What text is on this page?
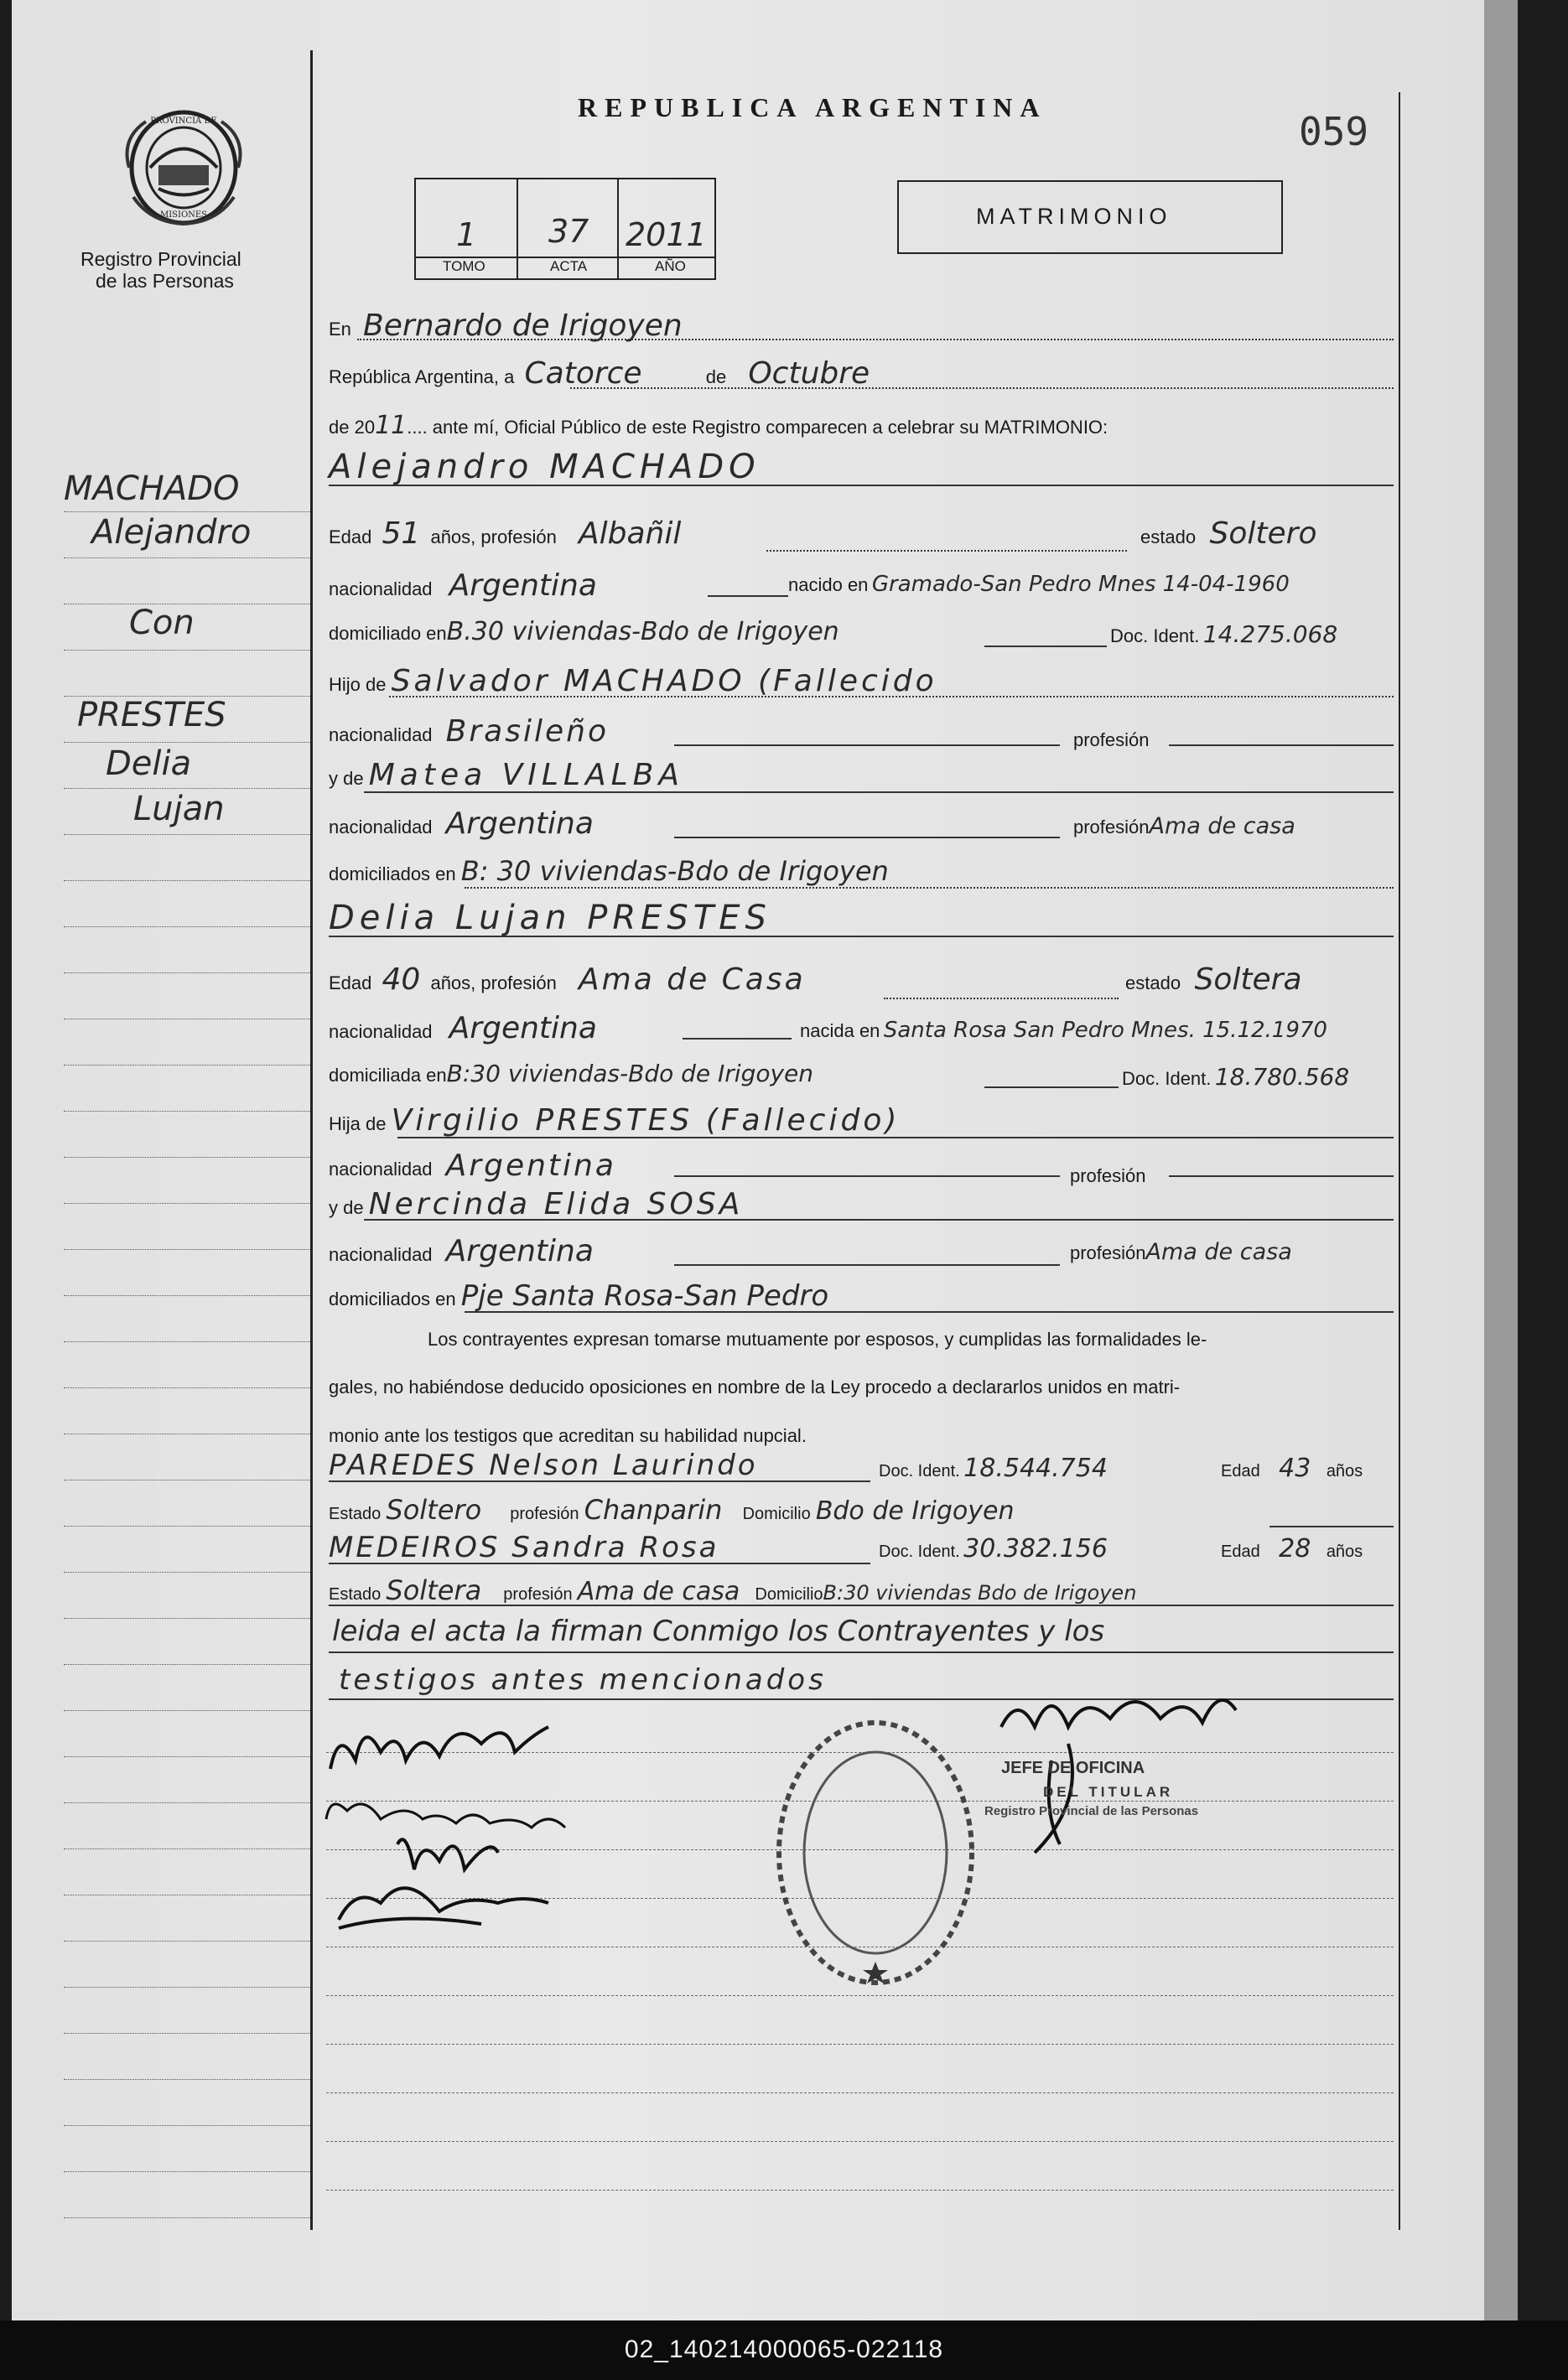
PROVINCIA DE
MISIONES
Registro Provincial
de las Personas
REPUBLICA ARGENTINA
059
1 37 2011
TOMO	ACTA	AÑO
MATRIMONIO
MACHADO
Alejandro
Con
PRESTES
Delia
Lujan
En Bernardo de Irigoyen
República Argentina, a Catorce	de Octubre
de 2011.... ante mí, Oficial Público de este Registro comparecen a celebrar su MATRIMONIO:
Alejandro MACHADO
Edad 51 años, profesión Albañil	estado Soltero
nacionalidad Argentina	nacido en Gramado-San Pedro Mnes 14-04-1960
domiciliado enB.30 viviendas-Bdo de Irigoyen	Doc. Ident. 14.275.068
Hijo de Salvador MACHADO (Fallecido
nacionalidad Brasileño	profesión
y de Matea VILLALBA
nacionalidad Argentina	profesiónAma de casa
domiciliados en B: 30 viviendas-Bdo de Irigoyen
Delia Lujan PRESTES
Edad 40 años, profesión Ama de Casa	estado Soltera
nacionalidad Argentina	nacida en Santa Rosa San Pedro Mnes. 15.12.1970
domiciliada enB:30 viviendas-Bdo de Irigoyen	Doc. Ident. 18.780.568
Hija de Virgilio PRESTES (Fallecido)
nacionalidad Argentina	profesión
y de Nercinda Elida SOSA
nacionalidad Argentina	profesiónAma de casa
domiciliados en Pje Santa Rosa-San Pedro
Los contrayentes expresan tomarse mutuamente por esposos, y cumplidas las formalidades le-
gales, no habiéndose deducido oposiciones en nombre de la Ley procedo a declararlos unidos en matri-
monio ante los testigos que acreditan su habilidad nupcial.
PAREDES Nelson Laurindo	Doc. Ident. 18.544.754	Edad 43 años
Estado Soltero profesión Chanparin Domicilio Bdo de Irigoyen
MEDEIROS Sandra Rosa	Doc. Ident. 30.382.156	Edad 28 años
Estado Soltera profesión Ama de casa DomicilioB:30 viviendas Bdo de Irigoyen
leida el acta la firman Conmigo los Contrayentes y los
testigos antes mencionados
JEFE DE OFICINA
DEL TITULAR
Registro Provincial de las Personas
02_140214000065-022118
